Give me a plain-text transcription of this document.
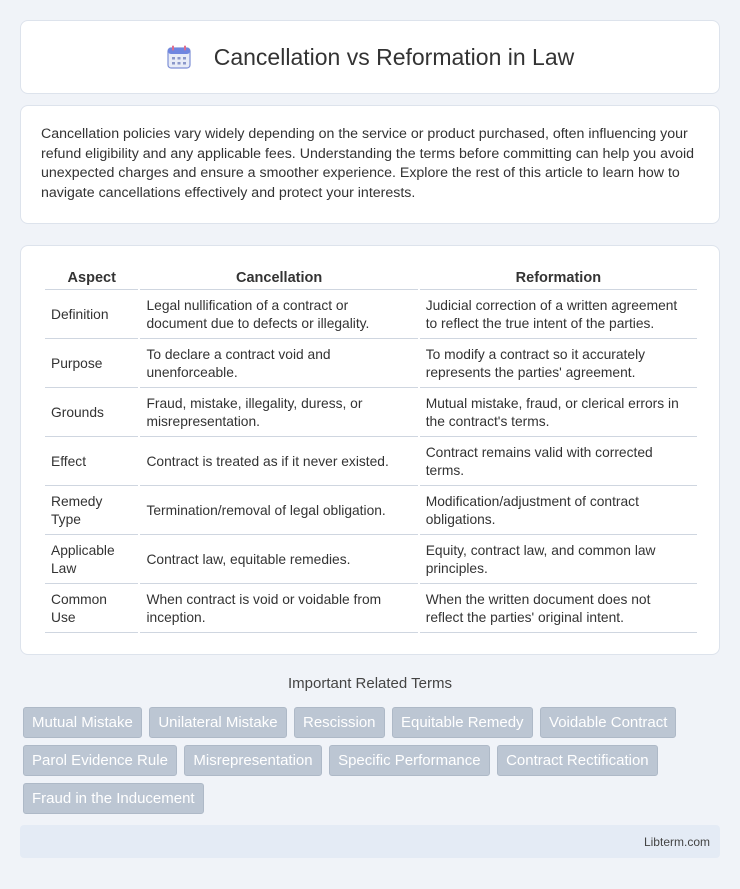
Cancellation vs Reformation in Law

Cancellation policies vary widely depending on the service or product purchased, often influencing your refund eligibility and any applicable fees. Understanding the terms before committing can help you avoid unexpected charges and ensure a smoother experience. Explore the rest of this article to learn how to navigate cancellations effectively and protect your interests.

Aspect	Cancellation	Reformation
Definition	Legal nullification of a contract or document due to defects or illegality.	Judicial correction of a written agreement to reflect the true intent of the parties.
Purpose	To declare a contract void and unenforceable.	To modify a contract so it accurately represents the parties' agreement.
Grounds	Fraud, mistake, illegality, duress, or misrepresentation.	Mutual mistake, fraud, or clerical errors in the contract's terms.
Effect	Contract is treated as if it never existed.	Contract remains valid with corrected terms.
Remedy Type	Termination/removal of legal obligation.	Modification/adjustment of contract obligations.
Applicable Law	Contract law, equitable remedies.	Equity, contract law, and common law principles.
Common Use	When contract is void or voidable from inception.	When the written document does not reflect the parties' original intent.
Important Related Terms
Mutual Mistake Unilateral Mistake Rescission Equitable Remedy Voidable Contract Parol Evidence Rule Misrepresentation Specific Performance Contract Rectification Fraud in the Inducement
Libterm.com
